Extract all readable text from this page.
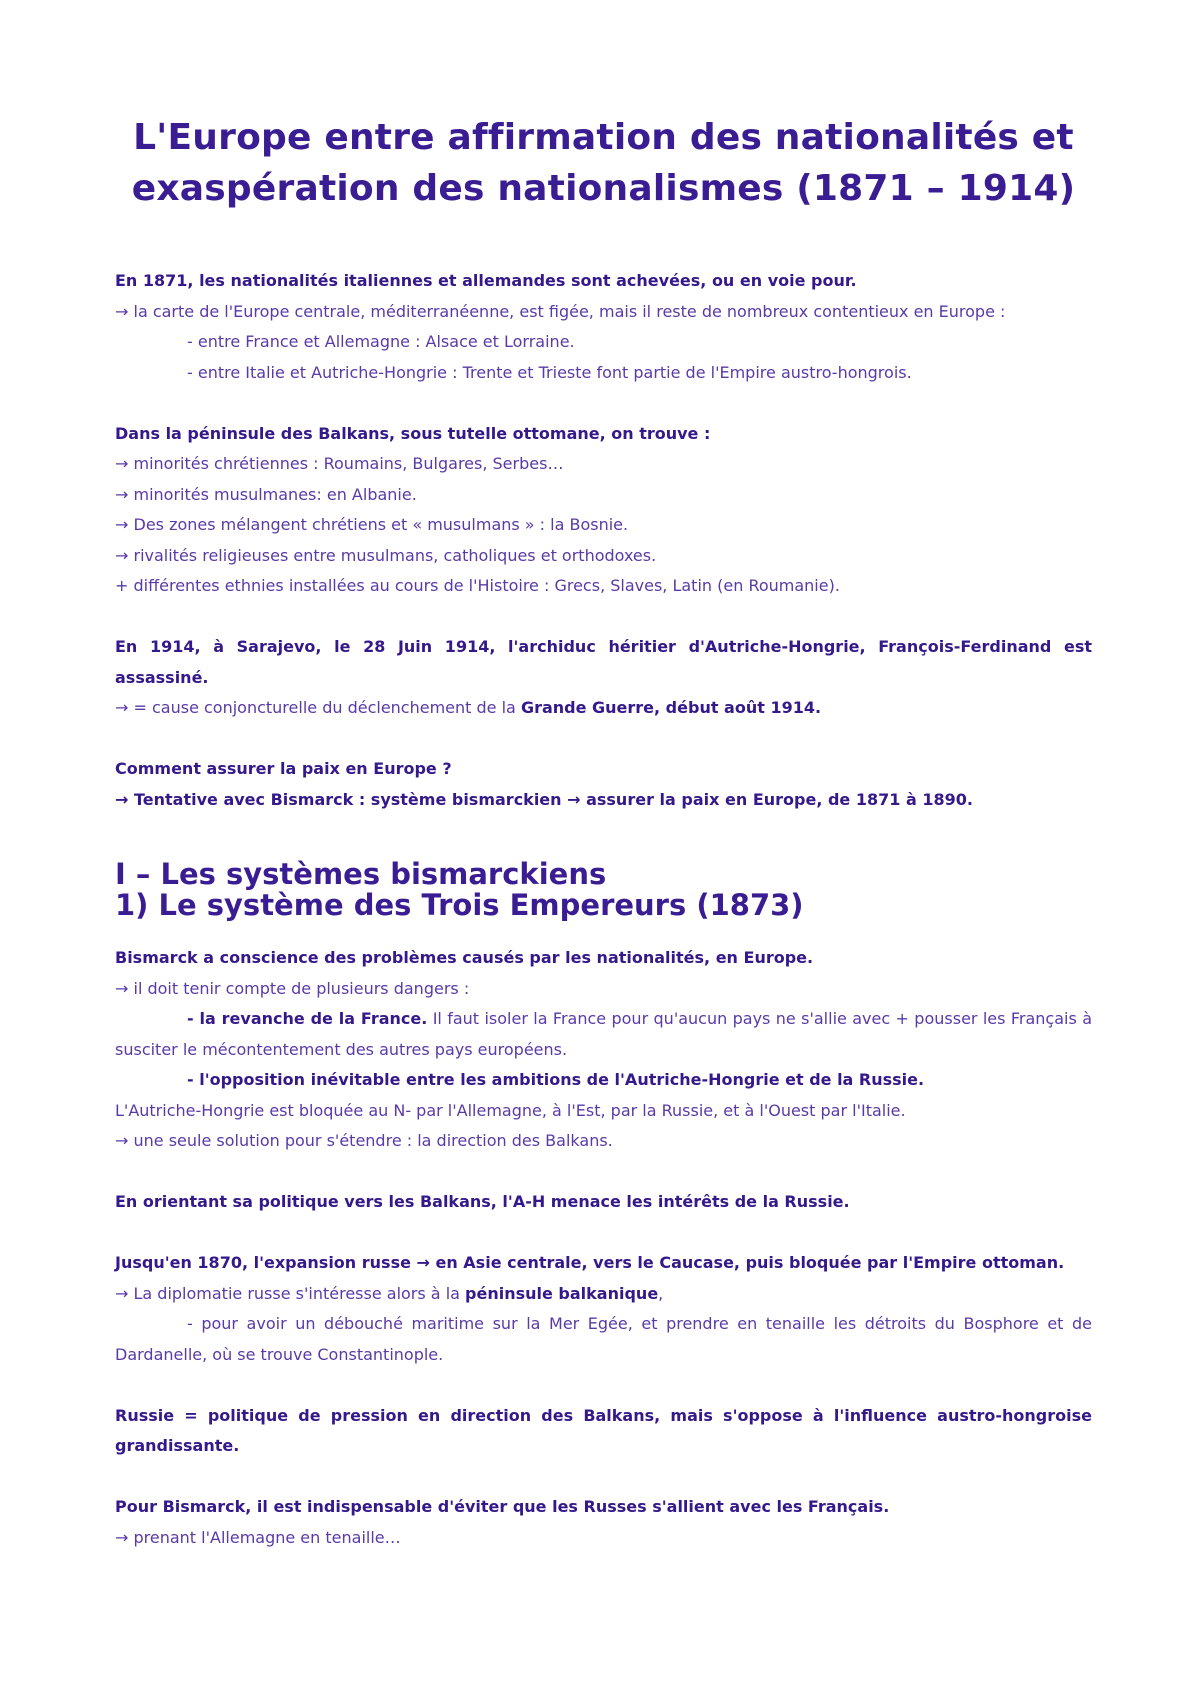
L'Europe entre affirmation des nationalités et
exaspération des nationalismes (1871 – 1914)

En 1871, les nationalités italiennes et allemandes sont achevées, ou en voie pour.

→ la carte de l'Europe centrale, méditerranéenne, est figée, mais il reste de nombreux contentieux en Europe :

- entre France et Allemagne : Alsace et Lorraine.

- entre Italie et Autriche-Hongrie : Trente et Trieste font partie de l'Empire austro-hongrois.

Dans la péninsule des Balkans, sous tutelle ottomane, on trouve :

→ minorités chrétiennes : Roumains, Bulgares, Serbes…

→ minorités musulmanes: en Albanie.

→ Des zones mélangent chrétiens et « musulmans » : la Bosnie.

→ rivalités religieuses entre musulmans, catholiques et orthodoxes.

+ différentes ethnies installées au cours de l'Histoire : Grecs, Slaves, Latin (en Roumanie).

En 1914, à Sarajevo, le 28 Juin 1914, l'archiduc héritier d'Autriche-Hongrie, François-Ferdinand est assassiné.

→ = cause conjoncturelle du déclenchement de la Grande Guerre, début août 1914.

Comment assurer la paix en Europe ?

→ Tentative avec Bismarck : système bismarckien → assurer la paix en Europe, de 1871 à 1890.

I – Les systèmes bismarckiens
1) Le système des Trois Empereurs (1873)

Bismarck a conscience des problèmes causés par les nationalités, en Europe.

→ il doit tenir compte de plusieurs dangers :

- la revanche de la France. Il faut isoler la France pour qu'aucun pays ne s'allie avec + pousser les Français à susciter le mécontentement des autres pays européens.

- l'opposition inévitable entre les ambitions de l'Autriche-Hongrie et de la Russie.

L'Autriche-Hongrie est bloquée au N- par l'Allemagne, à l'Est, par la Russie, et à l'Ouest par l'Italie.

→ une seule solution pour s'étendre : la direction des Balkans.

En orientant sa politique vers les Balkans, l'A-H menace les intérêts de la Russie.

Jusqu'en 1870, l'expansion russe → en Asie centrale, vers le Caucase, puis bloquée par l'Empire ottoman.

→ La diplomatie russe s'intéresse alors à la péninsule balkanique,

- pour avoir un débouché maritime sur la Mer Egée, et prendre en tenaille les détroits du Bosphore et de Dardanelle, où se trouve Constantinople.

Russie = politique de pression en direction des Balkans, mais s'oppose à l'influence austro-hongroise grandissante.

Pour Bismarck, il est indispensable d'éviter que les Russes s'allient avec les Français.

→ prenant l'Allemagne en tenaille…
